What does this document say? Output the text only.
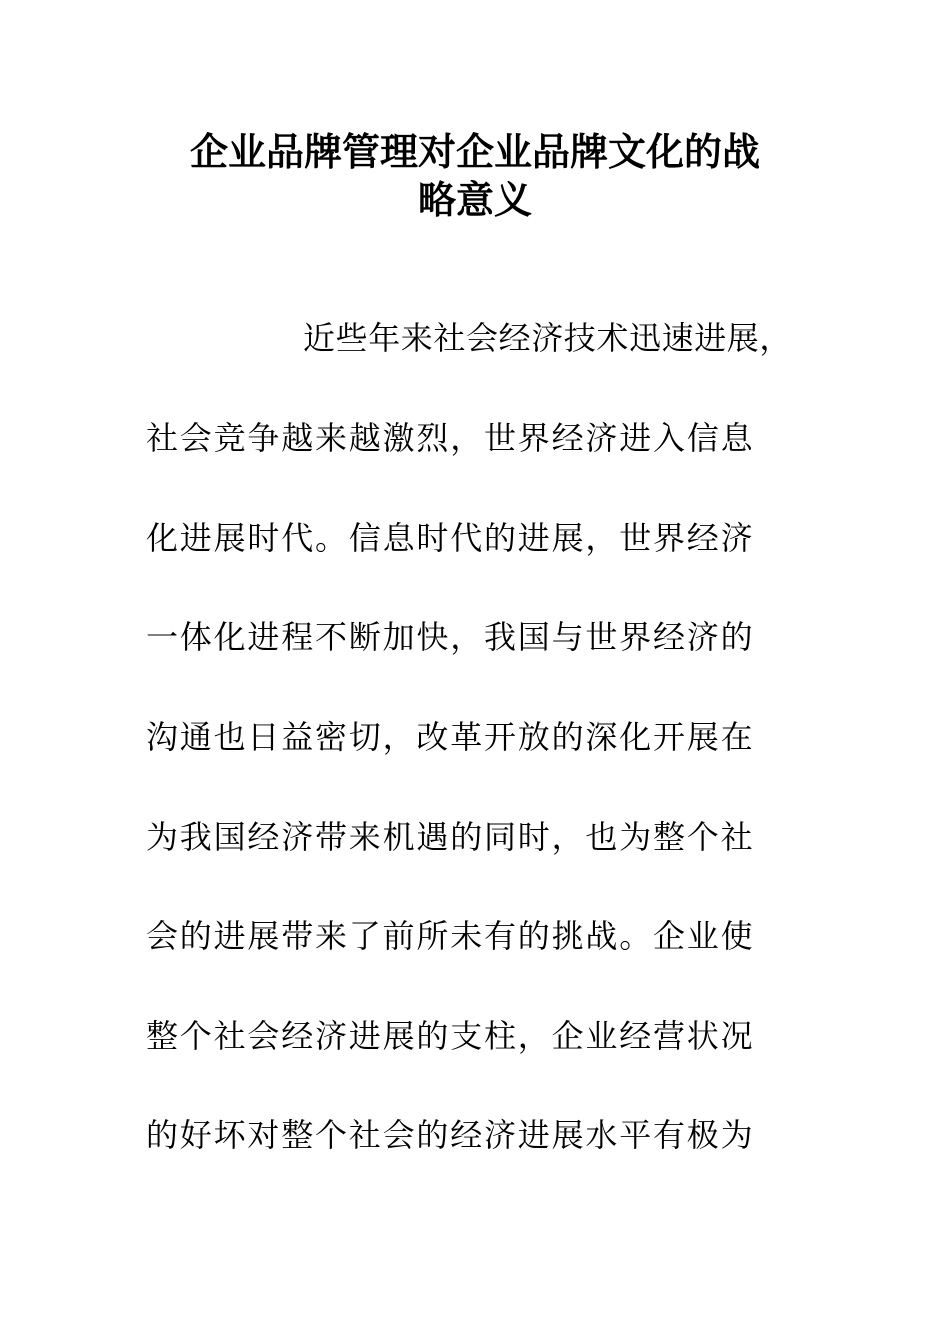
企业品牌管理对企业品牌文化的战
略意义

近些年来社会经济技术迅速进展，

社会竞争越来越激烈，世界经济进入信息

化进展时代。信息时代的进展，世界经济

一体化进程不断加快，我国与世界经济的

沟通也日益密切，改革开放的深化开展在

为我国经济带来机遇的同时，也为整个社

会的进展带来了前所未有的挑战。企业使

整个社会经济进展的支柱，企业经营状况

的好坏对整个社会的经济进展水平有极为
